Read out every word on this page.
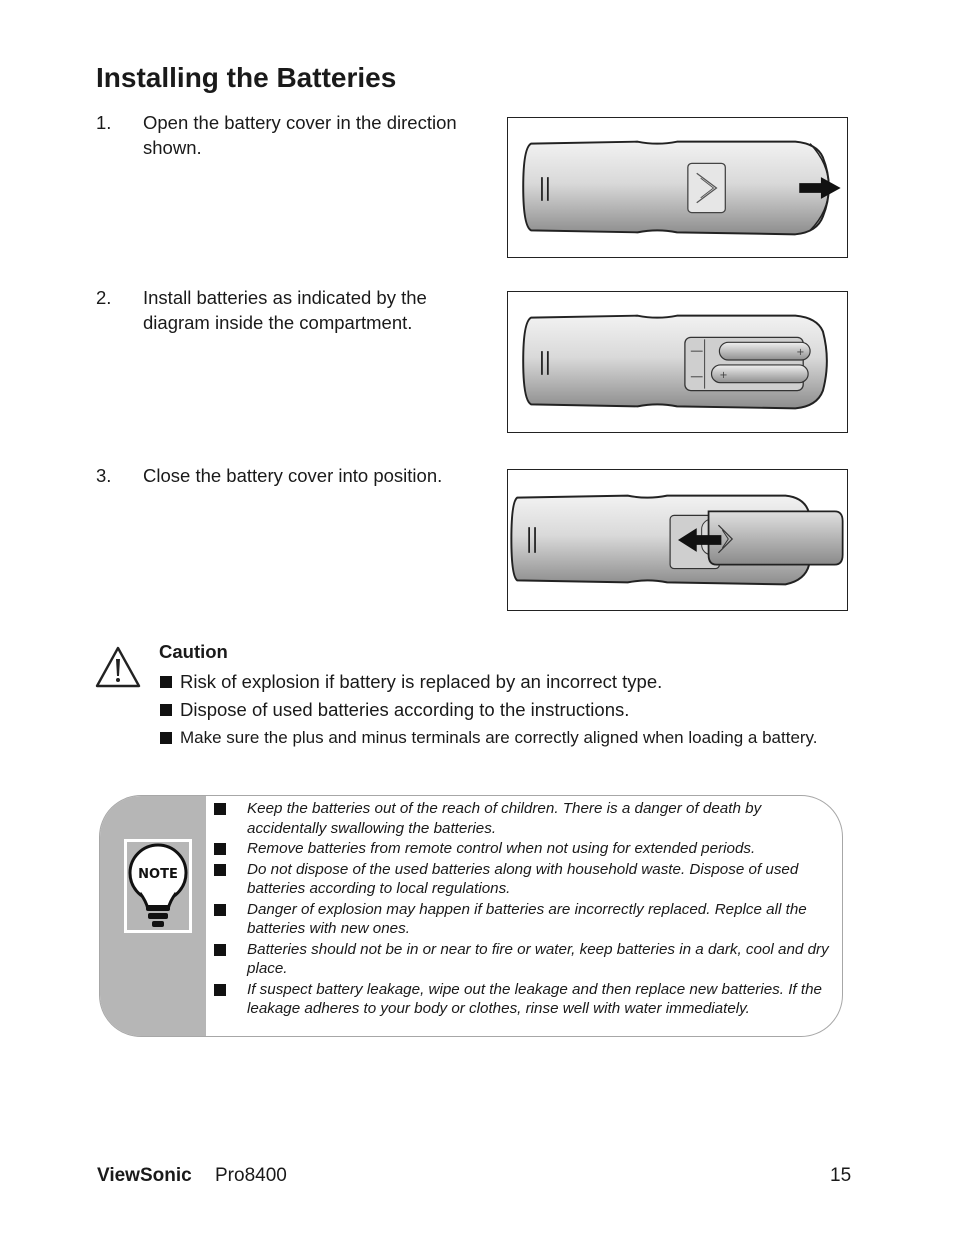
Installing the Batteries
1.	Open the battery cover in the direction shown.
2.	Install batteries as indicated by the diagram inside the compartment.
+
+
3.	Close the battery cover into position.
Caution
Risk of explosion if battery is replaced by an incorrect type.
Dispose of used batteries according to the instructions.
Make sure the plus and minus terminals are correctly aligned when loading a battery.
NOTE
Keep the batteries out of the reach of children. There is a danger of death by accidentally swallowing the batteries.
Remove batteries from remote control when not using for extended periods.
Do not dispose of the used batteries along with household waste. Dispose of used batteries according to local regulations.
Danger of explosion may happen if batteries are incorrectly replaced. Replce all the batteries with new ones.
Batteries should not be in or near to fire or water, keep batteries in a dark, cool and dry place.
If suspect battery leakage, wipe out the leakage and then replace new batteries. If the leakage adheres to your body or clothes, rinse well with water immediately.
ViewSonic Pro8400	15
